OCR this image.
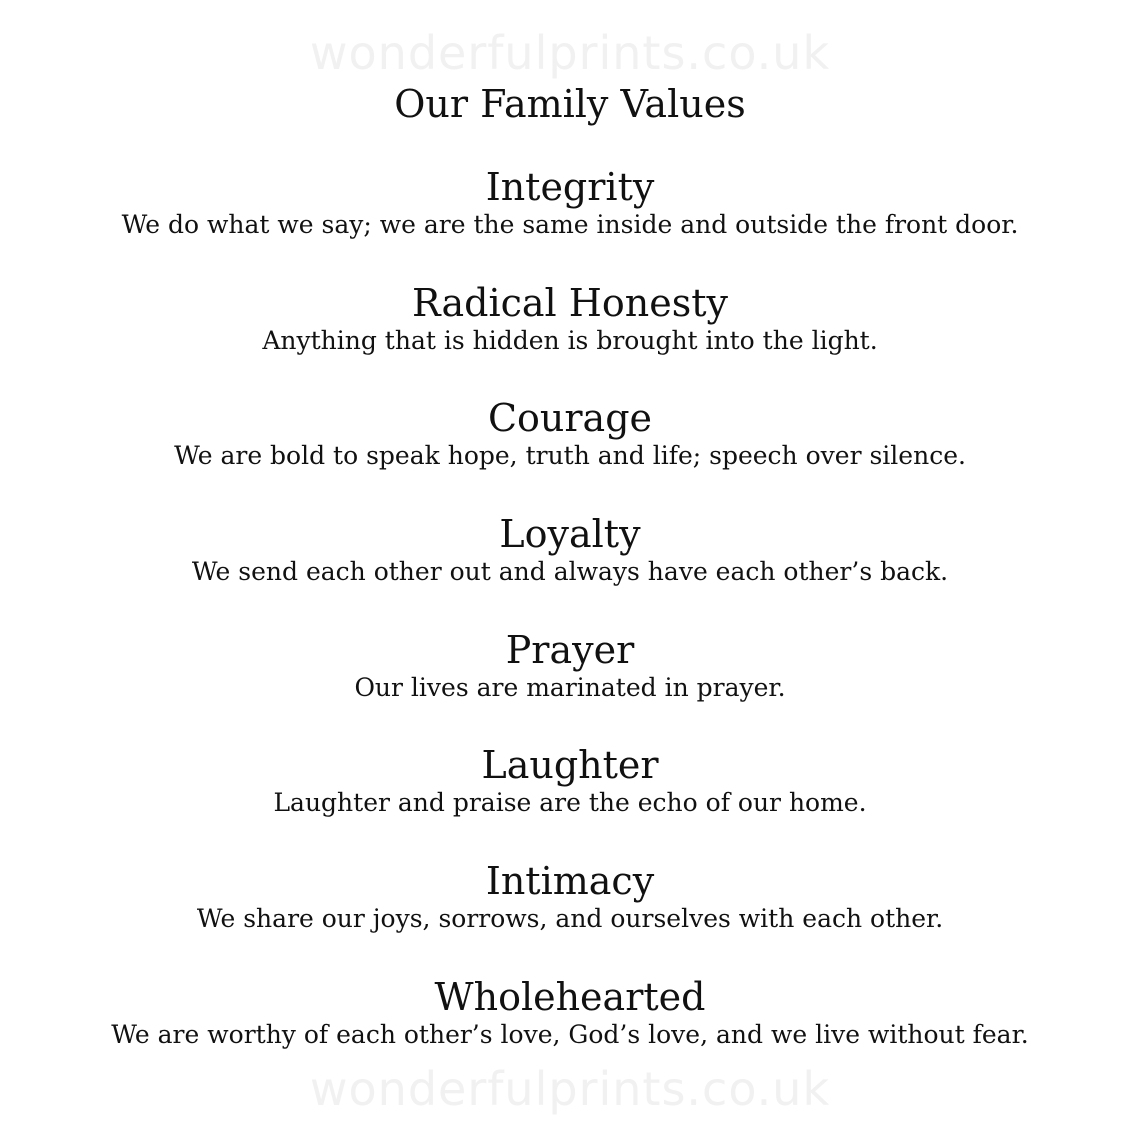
wonderfulprints.co.uk
Our Family Values
Integrity
We do what we say; we are the same inside and outside the front door.
Radical Honesty
Anything that is hidden is brought into the light.
Courage
We are bold to speak hope, truth and life; speech over silence.
Loyalty
We send each other out and always have each other’s back.
Prayer
Our lives are marinated in prayer.
Laughter
Laughter and praise are the echo of our home.
Intimacy
We share our joys, sorrows, and ourselves with each other.
Wholehearted
We are worthy of each other’s love, God’s love, and we live without fear.
wonderfulprints.co.uk
